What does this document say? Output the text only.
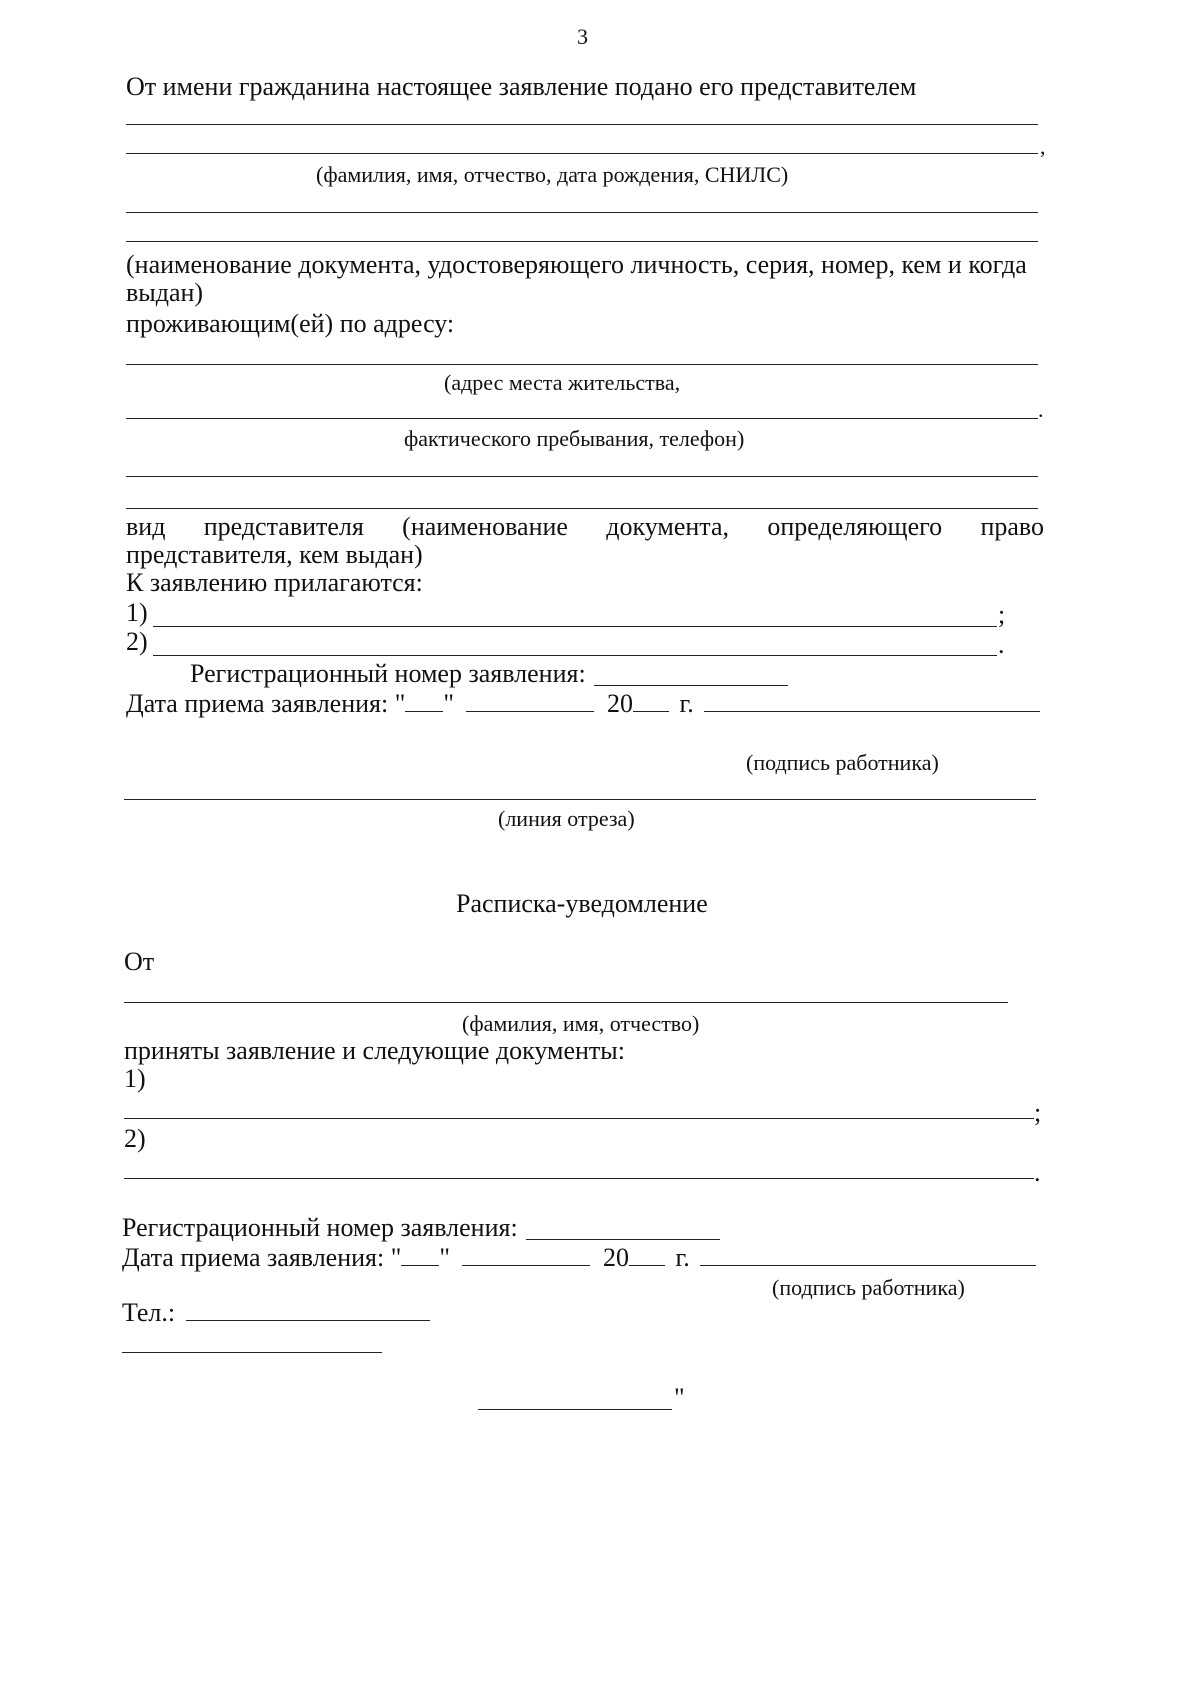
3
От имени гражданина настоящее заявление подано его представителем
,
(фамилия, имя, отчество, дата рождения, СНИЛС)
(наименование документа, удостоверяющего личность, серия, номер, кем и когда
выдан)
проживающим(ей) по адресу:
(адрес места жительства,
.
фактического пребывания, телефон)
вид представителя (наименование документа, определяющего право
представителя, кем выдан)
К заявлению прилагаются:
1)	;
2)	.
Регистрационный номер заявления:
Дата приема заявления: " "	20 г.
(подпись работника)
(линия отреза)
Расписка-уведомление
От
(фамилия, имя, отчество)
приняты заявление и следующие документы:
1)
;
2)
.
Регистрационный номер заявления:
Дата приема заявления: " "	20 г.
(подпись работника)
Тел.:
"
